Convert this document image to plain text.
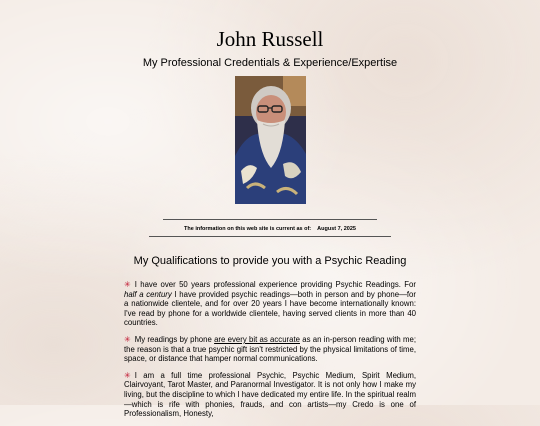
John Russell
My Professional Credentials & Experience/Expertise
The information on this web site is current as of: August 7, 2025
My Qualifications to provide you with a Psychic Reading

✳ I have over 50 years professional experience providing Psychic Readings. For half a century I have provided psychic readings—both in person and by phone—for a nationwide clientele, and for over 20 years I have become internationally known: I've read by phone for a worldwide clientele, having served clients in more than 40 countries.

✳ My readings by phone are every bit as accurate as an in-person reading with me; the reason is that a true psychic gift isn't restricted by the physical limitations of time, space, or distance that hamper normal communications.

✳ I am a full time professional Psychic, Psychic Medium, Spirit Medium, Clairvoyant, Tarot Master, and Paranormal Investigator. It is not only how I make my living, but the discipline to which I have dedicated my entire life. In the spiritual realm—which is rife with phonies, frauds, and con artists—my Credo is one of Professionalism, Honesty,
